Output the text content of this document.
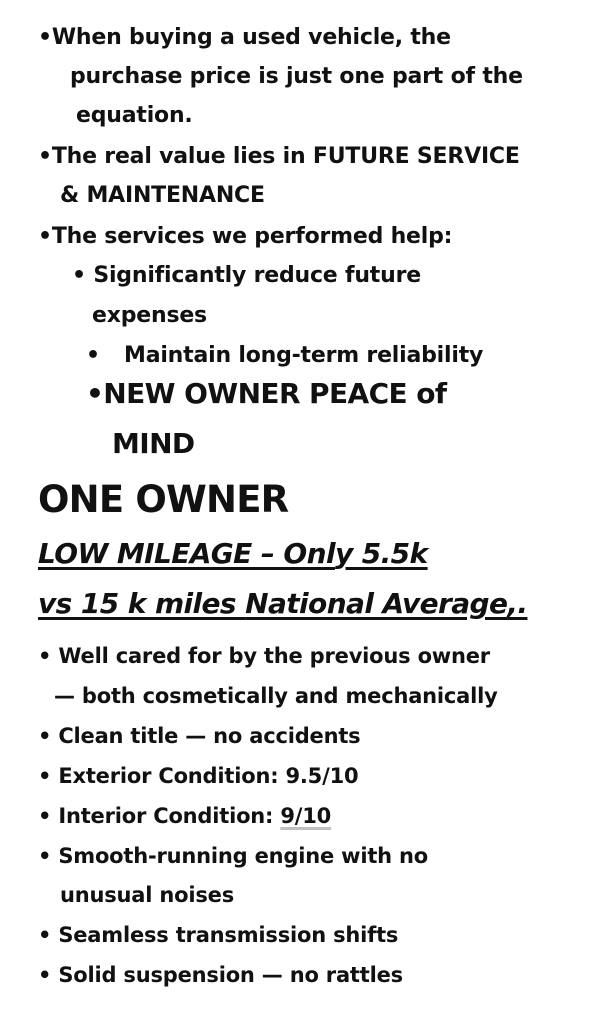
•When buying a used vehicle, the
purchase price is just one part of the
equation.
•The real value lies in FUTURE SERVICE
& MAINTENANCE
•The services we performed help:
• Significantly reduce future
expenses
• Maintain long-term reliability
•NEW OWNER PEACE of
MIND
ONE OWNER
LOW MILEAGE – Only 5.5k
vs 15 k miles National Average,.
• Well cared for by the previous owner
— both cosmetically and mechanically
• Clean title — no accidents
• Exterior Condition: 9.5/10
• Interior Condition: 9/10
• Smooth-running engine with no
unusual noises
• Seamless transmission shifts
• Solid suspension — no rattles
